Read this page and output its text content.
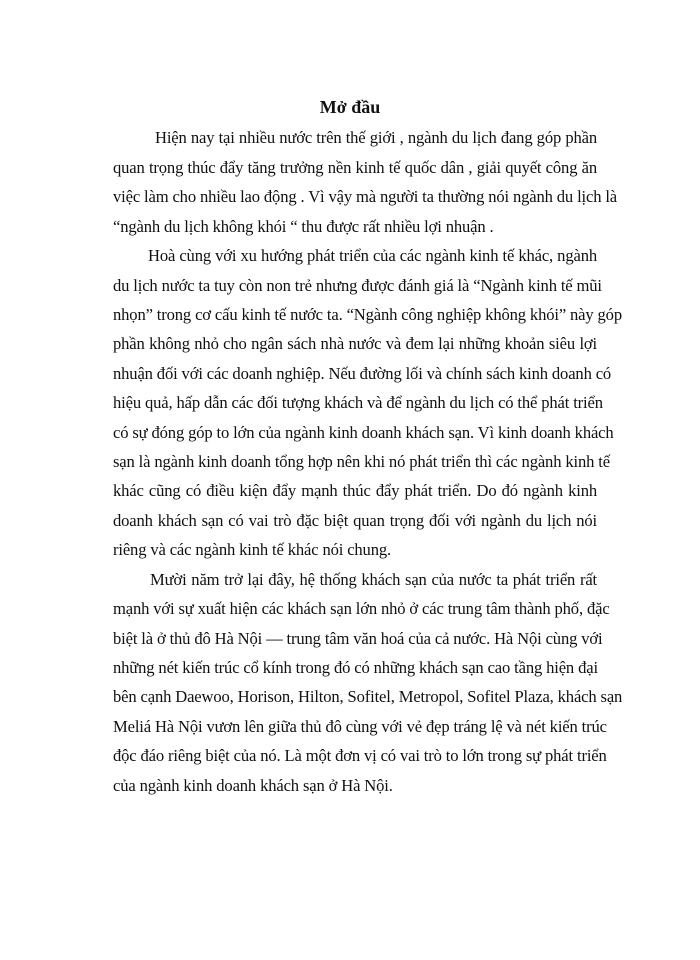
Mở đầu
Hiện nay tại nhiều nước trên thế giới , ngành du lịch đang góp phần
quan trọng thúc đẩy tăng trưởng nền kinh tế quốc dân , giải quyết công ăn
việc làm cho nhiều lao động . Vì vậy mà người ta thường nói ngành du lịch là
“ngành du lịch không khói “ thu được rất nhiều lợi nhuận .
Hoà cùng với xu hướng phát triển của các ngành kinh tế khác, ngành
du lịch nước ta tuy còn non trẻ nhưng được đánh giá là “Ngành kinh tế mũi
nhọn” trong cơ cấu kinh tế nước ta. “Ngành công nghiệp không khói” này góp
phần không nhỏ cho ngân sách nhà nước và đem lại những khoản siêu lợi
nhuận đối với các doanh nghiệp. Nếu đường lối và chính sách kinh doanh có
hiệu quả, hấp dẫn các đối tượng khách và để ngành du lịch có thể phát triển
có sự đóng góp to lớn của ngành kinh doanh khách sạn. Vì kinh doanh khách
sạn là ngành kinh doanh tổng hợp nên khi nó phát triển thì các ngành kinh tế
khác cũng có điều kiện đẩy mạnh thúc đẩy phát triển. Do đó ngành kinh
doanh khách sạn có vai trò đặc biệt quan trọng đối với ngành du lịch nói
riêng và các ngành kinh tế khác nói chung.
Mười năm trở lại đây, hệ thống khách sạn của nước ta phát triển rất
mạnh với sự xuất hiện các khách sạn lớn nhỏ ở các trung tâm thành phố, đặc
biệt là ở thủ đô Hà Nội — trung tâm văn hoá của cả nước. Hà Nội cùng với
những nét kiến trúc cổ kính trong đó có những khách sạn cao tầng hiện đại
bên cạnh Daewoo, Horison, Hilton, Sofitel, Metropol, Sofitel Plaza, khách sạn
Meliá Hà Nội vươn lên giữa thủ đô cùng với vẻ đẹp tráng lệ và nét kiến trúc
độc đáo riêng biệt của nó. Là một đơn vị có vai trò to lớn trong sự phát triển
của ngành kinh doanh khách sạn ở Hà Nội.
